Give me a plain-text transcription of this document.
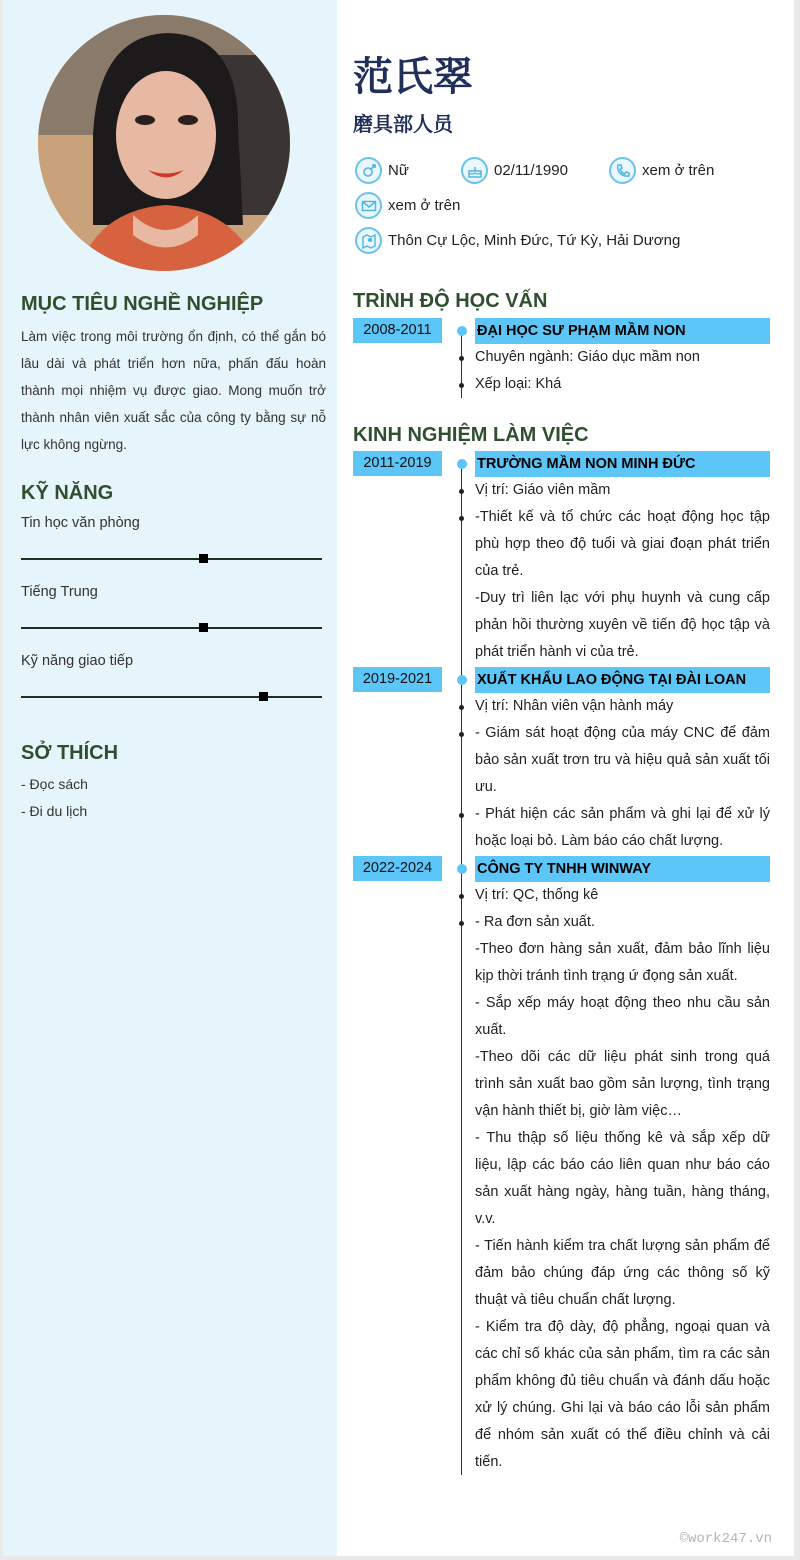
MỤC TIÊU NGHỀ NGHIỆP
Làm việc trong môi trường ổn định, có thể gắn bó lâu dài và phát triển hơn nữa, phấn đấu hoàn thành mọi nhiệm vụ được giao. Mong muốn trở thành nhân viên xuất sắc của công ty bằng sự nỗ lực không ngừng.
KỸ NĂNG
Tin học văn phòng
Tiếng Trung
Kỹ năng giao tiếp
SỞ THÍCH
- Đọc sách
- Đi du lịch
范氏翠
磨具部人员
Nữ	02/11/1990	xem ở trên
xem ở trên
Thôn Cự Lộc, Minh Đức, Tứ Kỳ, Hải Dương
TRÌNH ĐỘ HỌC VẤN
2008-2011	ĐẠI HỌC SƯ PHẠM MẦM NON
Chuyên ngành: Giáo dục mầm non
Xếp loại: Khá
KINH NGHIỆM LÀM VIỆC
2011-2019	TRƯỜNG MẦM NON MINH ĐỨC
Vị trí: Giáo viên mầm
-Thiết kế và tổ chức các hoạt động học tập phù hợp theo độ tuổi và giai đoạn phát triển của trẻ.
-Duy trì liên lạc với phụ huynh và cung cấp phản hồi thường xuyên về tiến độ học tập và phát triển hành vi của trẻ.
2019-2021	XUẤT KHẨU LAO ĐỘNG TẠI ĐÀI LOAN
Vị trí: Nhân viên vận hành máy
- Giám sát hoạt động của máy CNC để đảm bảo sản xuất trơn tru và hiệu quả sản xuất tối ưu.
- Phát hiện các sản phẩm và ghi lại để xử lý hoặc loại bỏ. Làm báo cáo chất lượng.
2022-2024	CÔNG TY TNHH WINWAY
Vị trí: QC, thống kê
- Ra đơn sản xuất.
-Theo đơn hàng sản xuất, đảm bảo lĩnh liệu kịp thời tránh tình trạng ứ đọng sản xuất.
- Sắp xếp máy hoạt động theo nhu cầu sản xuất.
-Theo dõi các dữ liệu phát sinh trong quá trình sản xuất bao gồm sản lượng, tình trạng vận hành thiết bị, giờ làm việc…
- Thu thập số liệu thống kê và sắp xếp dữ liệu, lập các báo cáo liên quan như báo cáo sản xuất hàng ngày, hàng tuần, hàng tháng, v.v.
- Tiến hành kiểm tra chất lượng sản phẩm để đảm bảo chúng đáp ứng các thông số kỹ thuật và tiêu chuẩn chất lượng.
- Kiểm tra độ dày, độ phẳng, ngoại quan và các chỉ số khác của sản phẩm, tìm ra các sản phẩm không đủ tiêu chuẩn và đánh dấu hoặc xử lý chúng. Ghi lại và báo cáo lỗi sản phẩm để nhóm sản xuất có thể điều chỉnh và cải tiến.
©work247.vn
